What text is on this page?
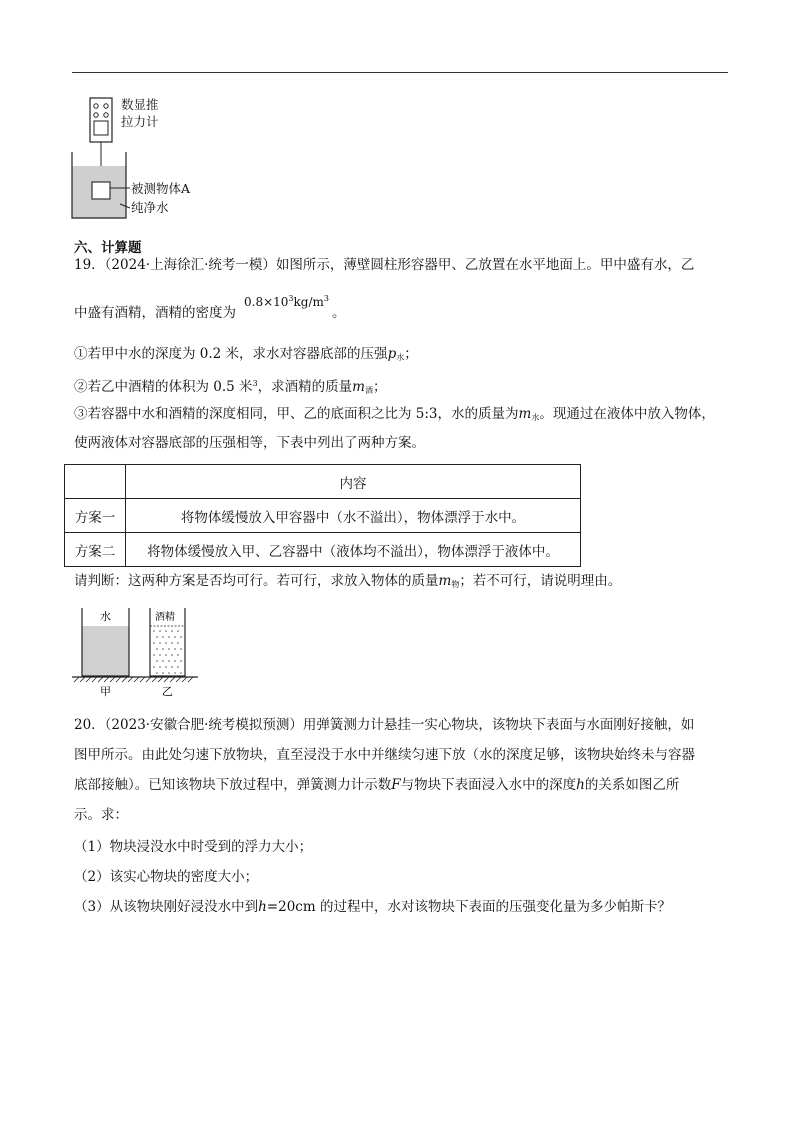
数显推
拉力计
被测物体A
纯净水
六、计算题
19．（2024·上海徐汇·统考一模）如图所示，薄壁圆柱形容器甲、乙放置在水平地面上。甲中盛有水，乙
中盛有酒精，酒精的密度为
$0.8\times 10^3kg/m^3$
。
①若甲中水的深度为 0.2 米，求水对容器底部的压强$p_水$；
②若乙中酒精的体积为 0.5 米$^3$，求酒精的质量$m_酒$；
③若容器中水和酒精的深度相同，甲、乙的底面积之比为 5:3，水的质量为$m_水$。现通过在液体中放入物体，
使两液体对容器底部的压强相等，下表中列出了两种方案。
	内容
方案一	将物体缓慢放入甲容器中（水不溢出），物体漂浮于水中。
方案二	将物体缓慢放入甲、乙容器中（液体均不溢出），物体漂浮于液体中。
请判断：这两种方案是否均可行。若可行，求放入物体的质量$m_物$；若不可行，请说明理由。
水	酒精
甲	乙
20．（2023·安徽合肥·统考模拟预测）用弹簧测力计悬挂一实心物块，该物块下表面与水面刚好接触，如
图甲所示。由此处匀速下放物块，直至浸没于水中并继续匀速下放（水的深度足够，该物块始终未与容器
底部接触）。已知该物块下放过程中，弹簧测力计示数F与物块下表面浸入水中的深度h的关系如图乙所
示。求：
（1）物块浸没水中时受到的浮力大小；
（2）该实心物块的密度大小；
（3）从该物块刚好浸没水中到h=20cm 的过程中，水对该物块下表面的压强变化量为多少帕斯卡？
